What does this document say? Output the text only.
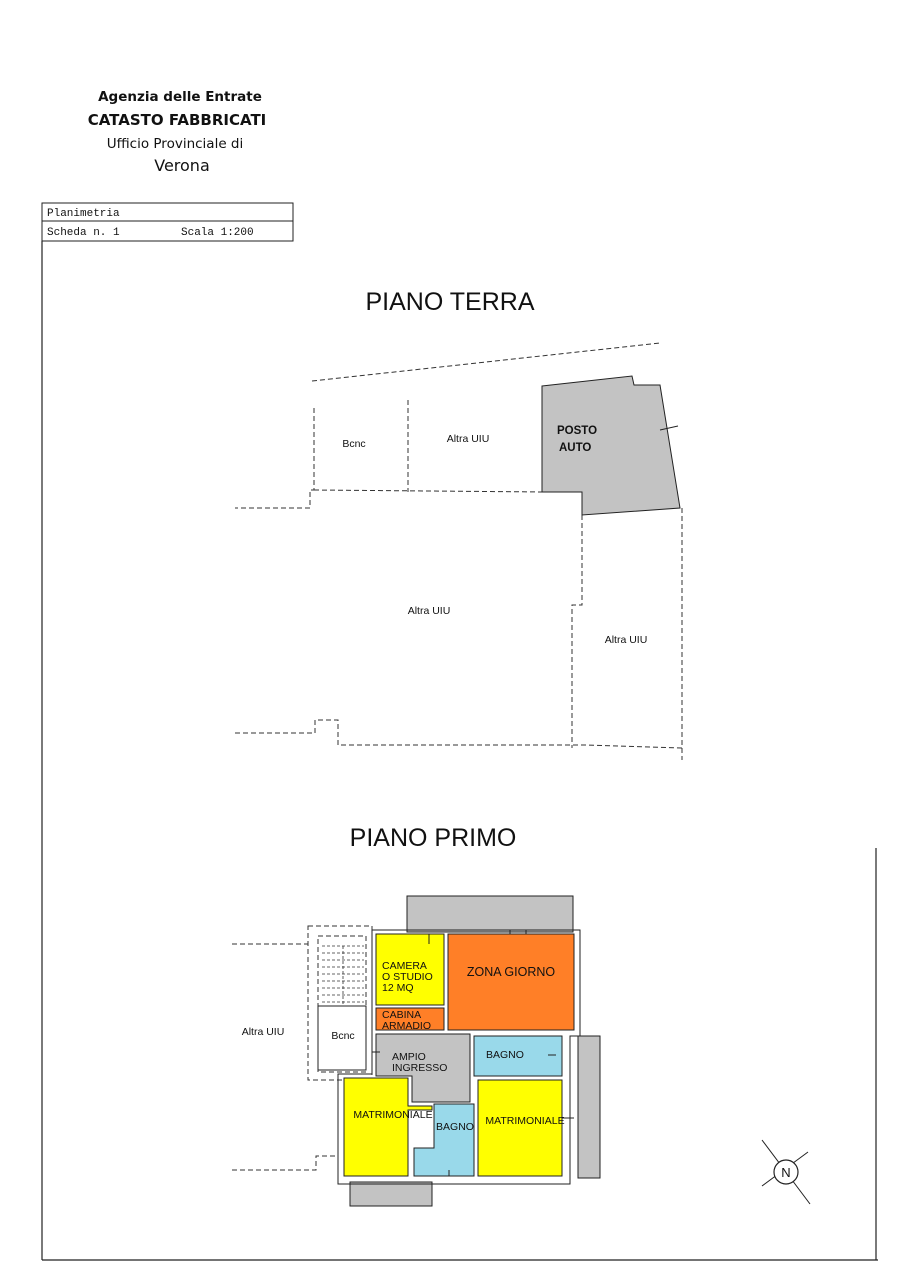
Agenzia delle Entrate
CATASTO FABBRICATI
Ufficio Provinciale di
Verona
Planimetria
Scheda n. 1	Scala 1:200
PIANO TERRA
Bcnc	Altra UIU
POSTO
AUTO
Altra UIU
Altra UIU
PIANO PRIMO
Altra UIU	Bcnc
CAMERA
O STUDIO
12 MQ
CABINA
ARMADIO
ZONA GIORNO
AMPIO
INGRESSO
BAGNO
MATRIMONIALE
BAGNO MATRIMONIALE
N
